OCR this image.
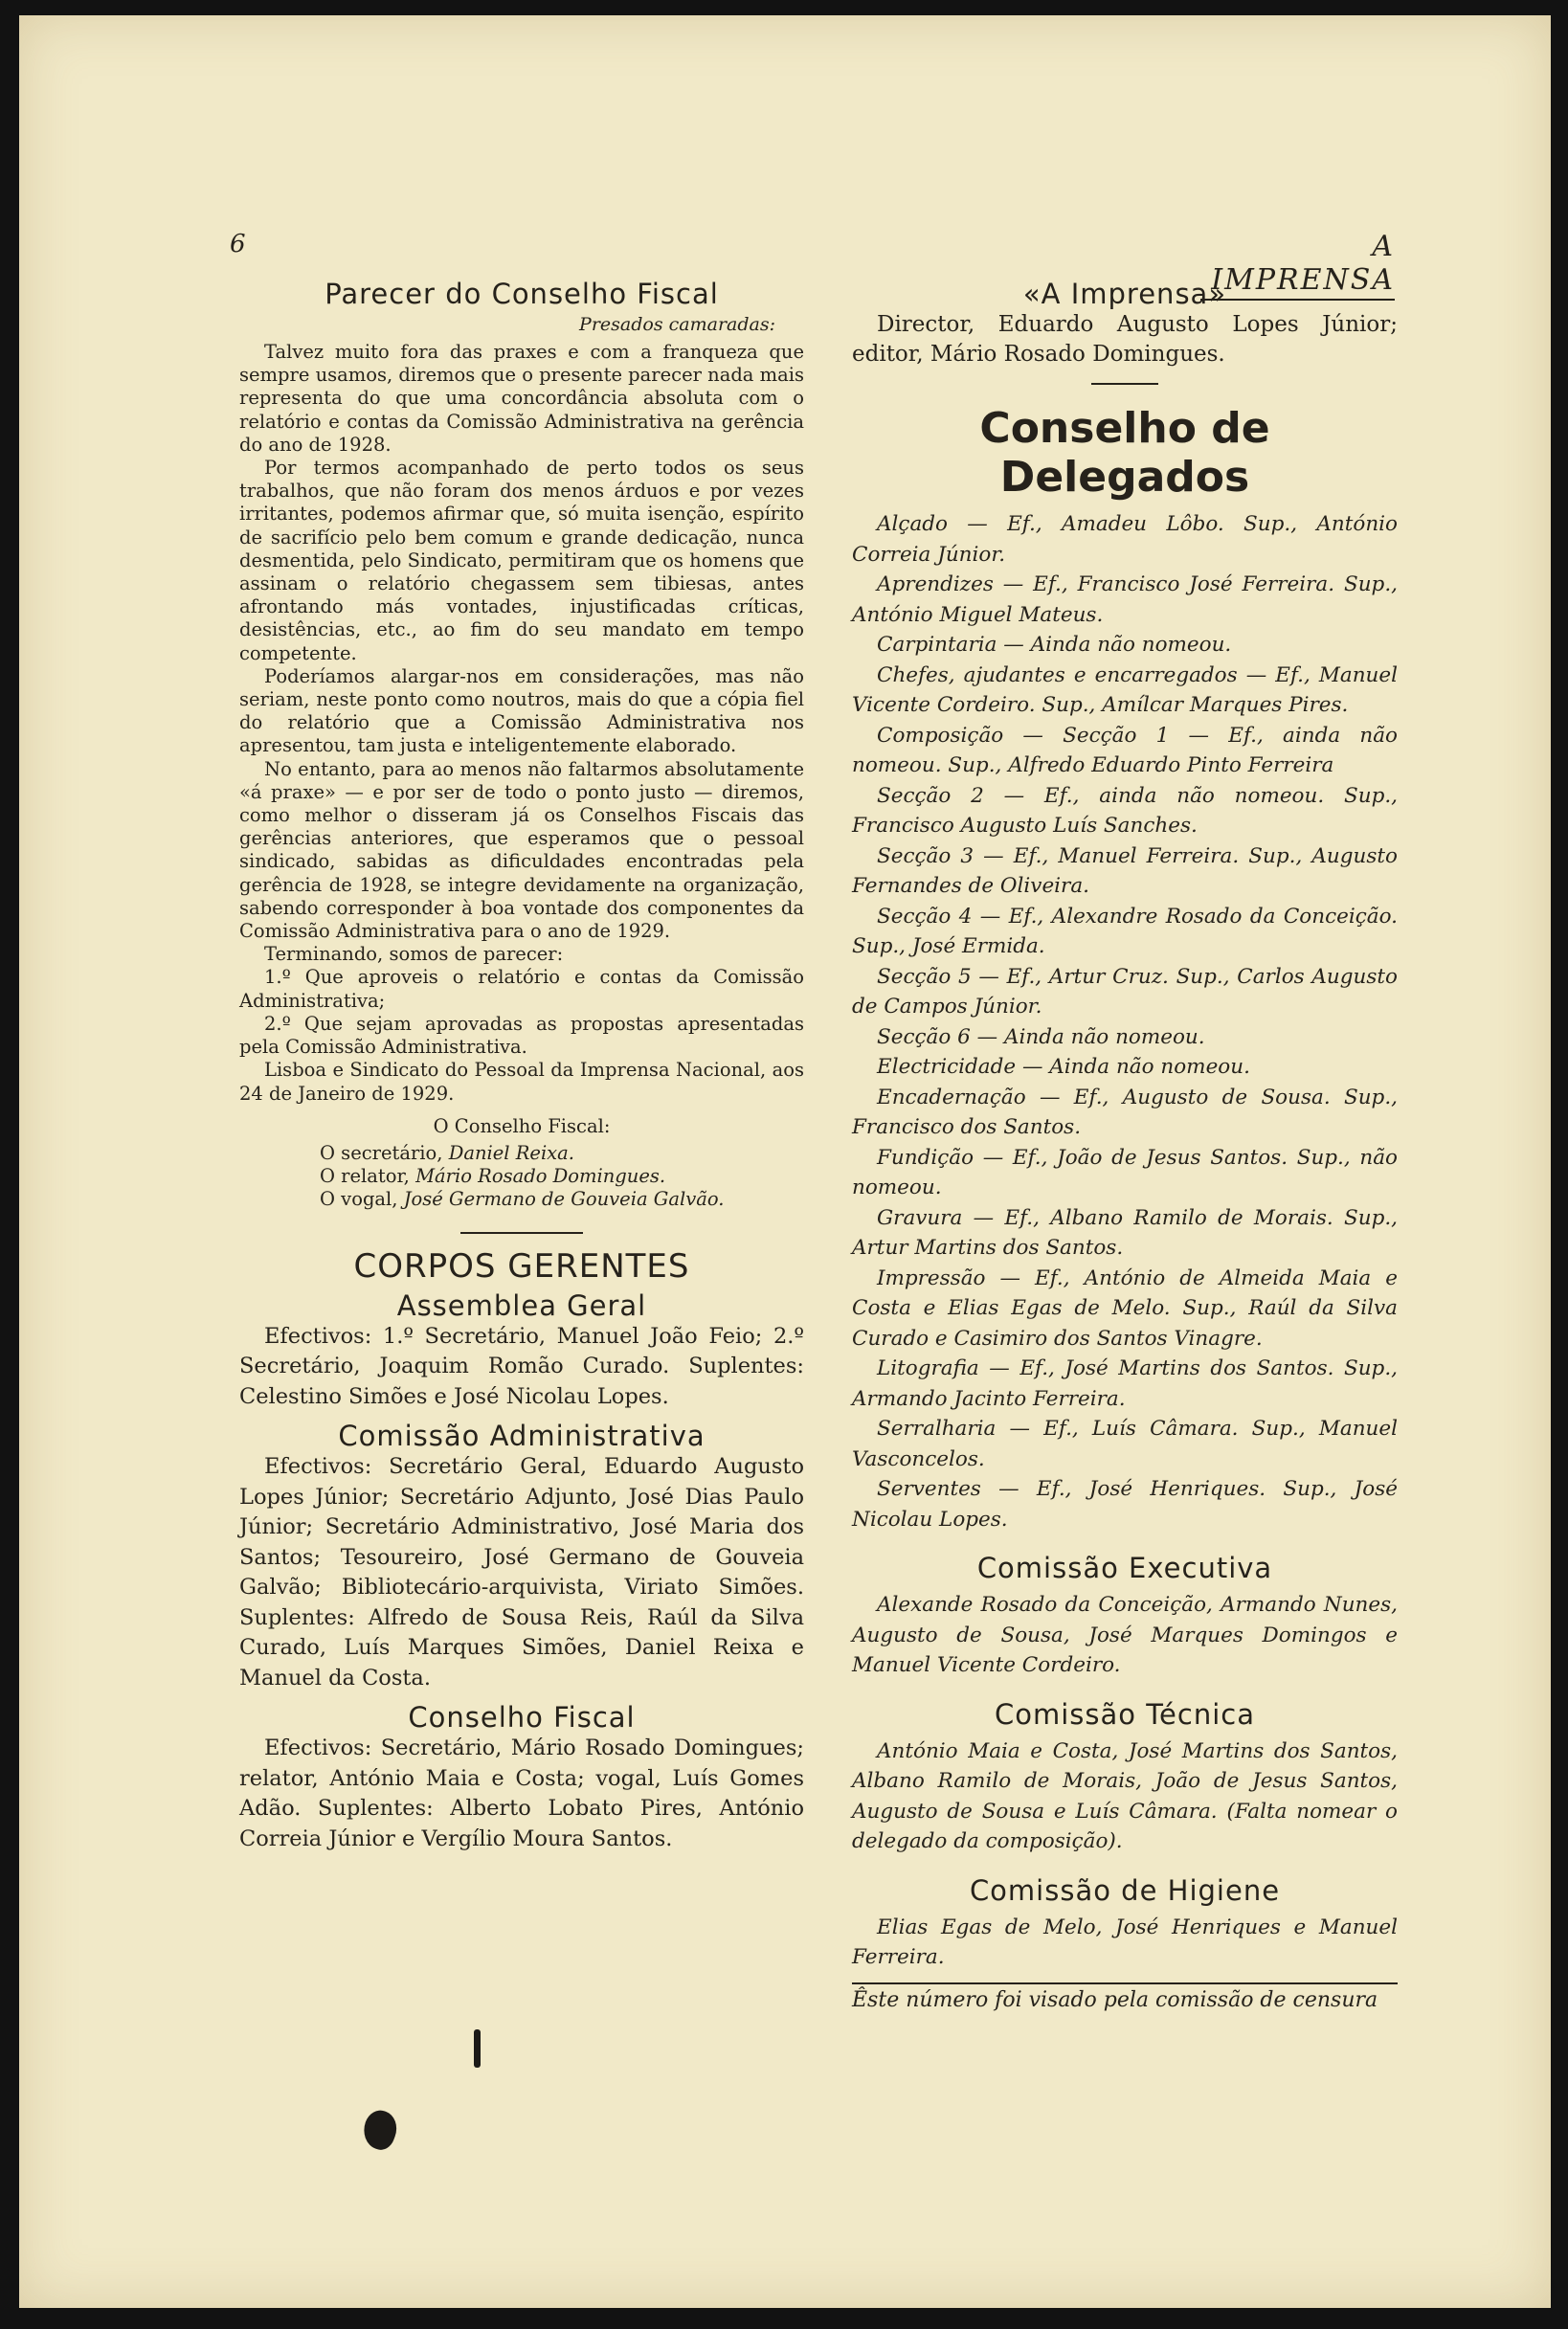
6	A IMPRENSA
Parecer do Conselho Fiscal

Presados camaradas:

Talvez muito fora das praxes e com a franqueza que sempre usamos, diremos que o presente parecer nada mais representa do que uma concordância absoluta com o relatório e contas da Comissão Administrativa na gerência do ano de 1928.

Por termos acompanhado de perto todos os seus trabalhos, que não foram dos menos árduos e por vezes irritantes, podemos afirmar que, só muita isenção, espírito de sacrifício pelo bem comum e grande dedicação, nunca desmentida, pelo Sindicato, permitiram que os homens que assinam o relatório chegassem sem tibiesas, antes afrontando más vontades, injustificadas críticas, desistências, etc., ao fim do seu mandato em tempo competente.

Poderíamos alargar-nos em considerações, mas não seriam, neste ponto como noutros, mais do que a cópia fiel do relatório que a Comissão Administrativa nos apresentou, tam justa e inteligentemente elaborado.

No entanto, para ao menos não faltarmos absolutamente «á praxe» — e por ser de todo o ponto justo — diremos, como melhor o disseram já os Conselhos Fiscais das gerências anteriores, que esperamos que o pessoal sindicado, sabidas as dificuldades encontradas pela gerência de 1928, se integre devidamente na organização, sabendo corresponder à boa vontade dos componentes da Comissão Administrativa para o ano de 1929.

Terminando, somos de parecer:

1.º Que aproveis o relatório e contas da Comissão Administrativa;

2.º Que sejam aprovadas as propostas apresentadas pela Comissão Administrativa.

Lisboa e Sindicato do Pessoal da Imprensa Nacional, aos 24 de Janeiro de 1929.

O Conselho Fiscal:
O secretário, Daniel Reixa.
O relator, Mário Rosado Domingues.
O vogal, José Germano de Gouveia Galvão.
CORPOS GERENTES
Assemblea Geral

Efectivos: 1.º Secretário, Manuel João Feio; 2.º Secretário, Joaquim Romão Curado. Suplentes: Celestino Simões e José Nicolau Lopes.

Comissão Administrativa

Efectivos: Secretário Geral, Eduardo Augusto Lopes Júnior; Secretário Adjunto, José Dias Paulo Júnior; Secretário Administrativo, José Maria dos Santos; Tesoureiro, José Germano de Gouveia Galvão; Bibliotecário-arquivista, Viriato Simões. Suplentes: Alfredo de Sousa Reis, Raúl da Silva Curado, Luís Marques Simões, Daniel Reixa e Manuel da Costa.

Conselho Fiscal

Efectivos: Secretário, Mário Rosado Domingues; relator, António Maia e Costa; vogal, Luís Gomes Adão. Suplentes: Alberto Lobato Pires, António Correia Júnior e Vergílio Moura Santos.

«A Imprensa»

Director, Eduardo Augusto Lopes Júnior; editor, Mário Rosado Domingues.

Conselho de Delegados

Alçado — Ef., Amadeu Lôbo. Sup., António Correia Júnior.

Aprendizes — Ef., Francisco José Ferreira. Sup., António Miguel Mateus.

Carpintaria — Ainda não nomeou.

Chefes, ajudantes e encarregados — Ef., Manuel Vicente Cordeiro. Sup., Amílcar Marques Pires.

Composição — Secção 1 — Ef., ainda não nomeou. Sup., Alfredo Eduardo Pinto Ferreira

Secção 2 — Ef., ainda não nomeou. Sup., Francisco Augusto Luís Sanches.

Secção 3 — Ef., Manuel Ferreira. Sup., Augusto Fernandes de Oliveira.

Secção 4 — Ef., Alexandre Rosado da Conceição. Sup., José Ermida.

Secção 5 — Ef., Artur Cruz. Sup., Carlos Augusto de Campos Júnior.

Secção 6 — Ainda não nomeou.

Electricidade — Ainda não nomeou.

Encadernação — Ef., Augusto de Sousa. Sup., Francisco dos Santos.

Fundição — Ef., João de Jesus Santos. Sup., não nomeou.

Gravura — Ef., Albano Ramilo de Morais. Sup., Artur Martins dos Santos.

Impressão — Ef., António de Almeida Maia e Costa e Elias Egas de Melo. Sup., Raúl da Silva Curado e Casimiro dos Santos Vinagre.

Litografia — Ef., José Martins dos Santos. Sup., Armando Jacinto Ferreira.

Serralharia — Ef., Luís Câmara. Sup., Manuel Vasconcelos.

Serventes — Ef., José Henriques. Sup., José Nicolau Lopes.

Comissão Executiva

Alexande Rosado da Conceição, Armando Nunes, Augusto de Sousa, José Marques Domingos e Manuel Vicente Cordeiro.

Comissão Técnica

António Maia e Costa, José Martins dos Santos, Albano Ramilo de Morais, João de Jesus Santos, Augusto de Sousa e Luís Câmara. (Falta nomear o delegado da composição).

Comissão de Higiene

Elias Egas de Melo, José Henriques e Manuel Ferreira.

Êste número foi visado pela comissão de censura
